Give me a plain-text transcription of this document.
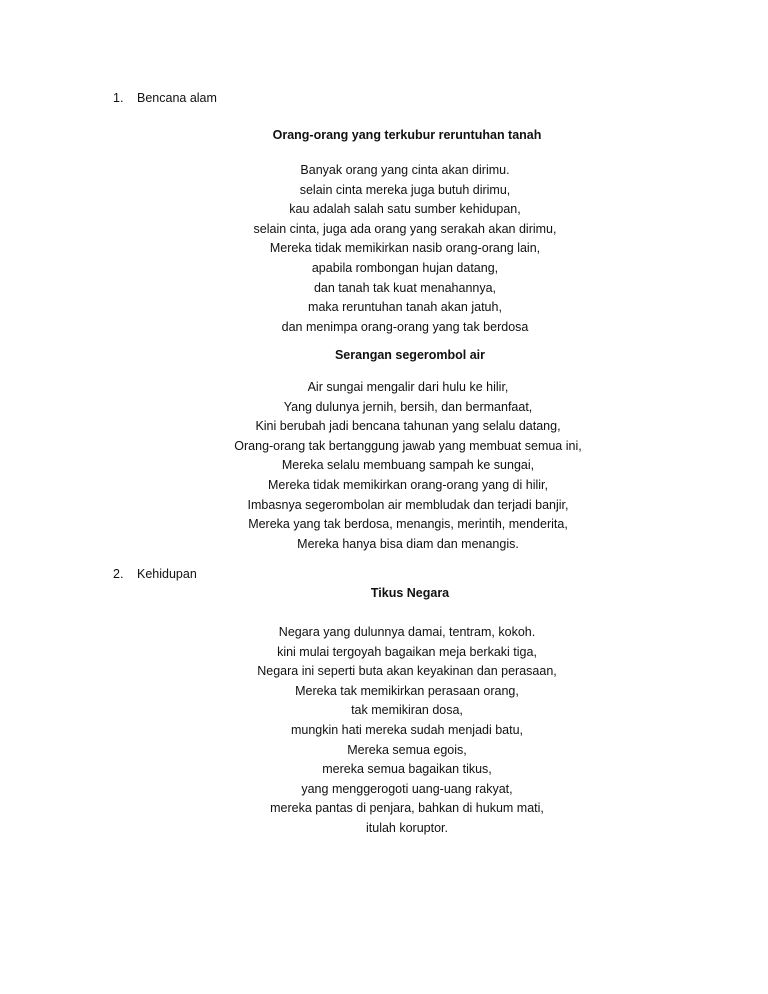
1. Bencana alam

Orang-orang yang terkubur reruntuhan tanah

Banyak orang yang cinta akan dirimu.
selain cinta mereka juga butuh dirimu,
kau adalah salah satu sumber kehidupan,
selain cinta, juga ada orang yang serakah akan dirimu,
Mereka tidak memikirkan nasib orang-orang lain,
apabila rombongan hujan datang,
dan tanah tak kuat menahannya,
maka reruntuhan tanah akan jatuh,
dan menimpa orang-orang yang tak berdosa

Serangan segerombol air

Air sungai mengalir dari hulu ke hilir,
Yang dulunya jernih, bersih, dan bermanfaat,
Kini berubah jadi bencana tahunan yang selalu datang,
Orang-orang tak bertanggung jawab yang membuat semua ini,
Mereka selalu membuang sampah ke sungai,
Mereka tidak memikirkan orang-orang yang di hilir,
Imbasnya segerombolan air membludak dan terjadi banjir,
Mereka yang tak berdosa, menangis, merintih, menderita,
Mereka hanya bisa diam dan menangis.
2. Kehidupan

Tikus Negara

Negara yang dulunnya damai, tentram, kokoh.
kini mulai tergoyah bagaikan meja berkaki tiga,
Negara ini seperti buta akan keyakinan dan perasaan,
Mereka tak memikirkan perasaan orang,
tak memikiran dosa,
mungkin hati mereka sudah menjadi batu,
Mereka semua egois,
mereka semua bagaikan tikus,
yang menggerogoti uang-uang rakyat,
mereka pantas di penjara, bahkan di hukum mati,
itulah koruptor.
